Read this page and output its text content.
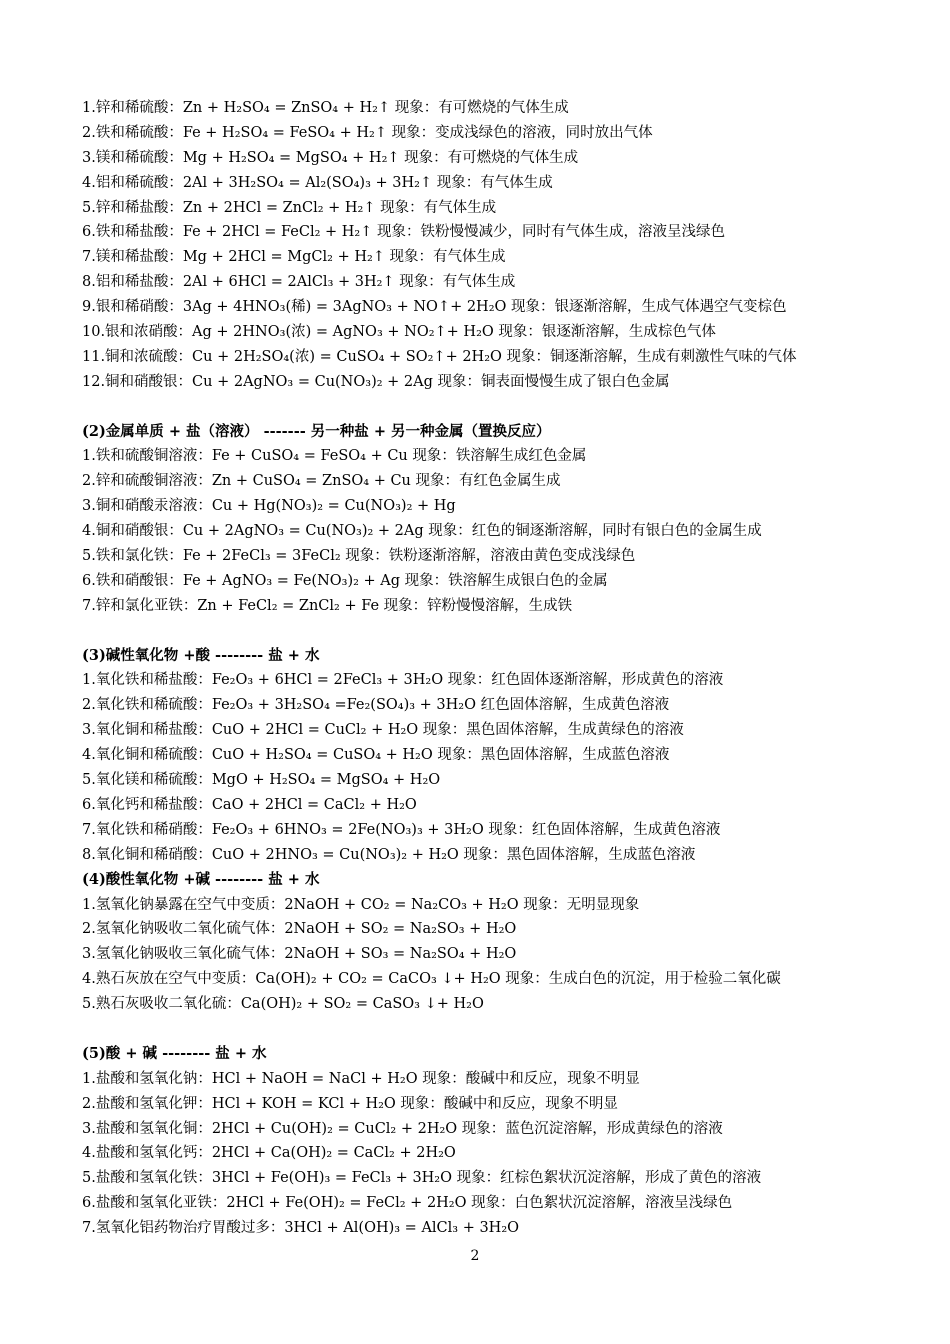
1.锌和稀硫酸：Zn + H₂SO₄ = ZnSO₄ + H₂↑ 现象：有可燃烧的气体生成
2.铁和稀硫酸：Fe + H₂SO₄ = FeSO₄ + H₂↑ 现象：变成浅绿色的溶液，同时放出气体
3.镁和稀硫酸：Mg + H₂SO₄ = MgSO₄ + H₂↑ 现象：有可燃烧的气体生成
4.铝和稀硫酸：2Al + 3H₂SO₄ = Al₂(SO₄)₃ + 3H₂↑ 现象：有气体生成
5.锌和稀盐酸：Zn + 2HCl = ZnCl₂ + H₂↑ 现象：有气体生成
6.铁和稀盐酸：Fe + 2HCl = FeCl₂ + H₂↑ 现象：铁粉慢慢减少，同时有气体生成，溶液呈浅绿色
7.镁和稀盐酸：Mg + 2HCl = MgCl₂ + H₂↑ 现象：有气体生成
8.铝和稀盐酸：2Al + 6HCl = 2AlCl₃ + 3H₂↑ 现象：有气体生成
9.银和稀硝酸：3Ag + 4HNO₃(稀) = 3AgNO₃ + NO↑+ 2H₂O 现象：银逐渐溶解，生成气体遇空气变棕色
10.银和浓硝酸：Ag + 2HNO₃(浓) = AgNO₃ + NO₂↑+ H₂O 现象：银逐渐溶解，生成棕色气体
11.铜和浓硫酸：Cu + 2H₂SO₄(浓) = CuSO₄ + SO₂↑+ 2H₂O 现象：铜逐渐溶解，生成有刺激性气味的气体
12.铜和硝酸银：Cu + 2AgNO₃ = Cu(NO₃)₂ + 2Ag 现象：铜表面慢慢生成了银白色金属
(2)金属单质 + 盐（溶液） ------- 另一种盐 + 另一种金属（置换反应）
1.铁和硫酸铜溶液：Fe + CuSO₄ = FeSO₄ + Cu 现象：铁溶解生成红色金属
2.锌和硫酸铜溶液：Zn + CuSO₄ = ZnSO₄ + Cu 现象：有红色金属生成
3.铜和硝酸汞溶液：Cu + Hg(NO₃)₂ = Cu(NO₃)₂ + Hg
4.铜和硝酸银：Cu + 2AgNO₃ = Cu(NO₃)₂ + 2Ag 现象：红色的铜逐渐溶解，同时有银白色的金属生成
5.铁和氯化铁：Fe + 2FeCl₃ = 3FeCl₂ 现象：铁粉逐渐溶解，溶液由黄色变成浅绿色
6.铁和硝酸银：Fe + AgNO₃ = Fe(NO₃)₂ + Ag 现象：铁溶解生成银白色的金属
7.锌和氯化亚铁：Zn + FeCl₂ = ZnCl₂ + Fe 现象：锌粉慢慢溶解，生成铁
(3)碱性氧化物 +酸 -------- 盐 + 水
1.氧化铁和稀盐酸：Fe₂O₃ + 6HCl = 2FeCl₃ + 3H₂O 现象：红色固体逐渐溶解，形成黄色的溶液
2.氧化铁和稀硫酸：Fe₂O₃ + 3H₂SO₄ =Fe₂(SO₄)₃ + 3H₂O 红色固体溶解，生成黄色溶液
3.氧化铜和稀盐酸：CuO + 2HCl = CuCl₂ + H₂O 现象：黑色固体溶解，生成黄绿色的溶液
4.氧化铜和稀硫酸：CuO + H₂SO₄ = CuSO₄ + H₂O 现象：黑色固体溶解，生成蓝色溶液
5.氧化镁和稀硫酸：MgO + H₂SO₄ = MgSO₄ + H₂O
6.氧化钙和稀盐酸：CaO + 2HCl = CaCl₂ + H₂O
7.氧化铁和稀硝酸：Fe₂O₃ + 6HNO₃ = 2Fe(NO₃)₃ + 3H₂O 现象：红色固体溶解，生成黄色溶液
8.氧化铜和稀硝酸：CuO + 2HNO₃ = Cu(NO₃)₂ + H₂O 现象：黑色固体溶解，生成蓝色溶液
(4)酸性氧化物 +碱 -------- 盐 + 水
1.氢氧化钠暴露在空气中变质：2NaOH + CO₂ = Na₂CO₃ + H₂O 现象：无明显现象
2.氢氧化钠吸收二氧化硫气体：2NaOH + SO₂ = Na₂SO₃ + H₂O
3.氢氧化钠吸收三氧化硫气体：2NaOH + SO₃ = Na₂SO₄ + H₂O
4.熟石灰放在空气中变质：Ca(OH)₂ + CO₂ = CaCO₃ ↓+ H₂O 现象：生成白色的沉淀，用于检验二氧化碳
5.熟石灰吸收二氧化硫：Ca(OH)₂ + SO₂ = CaSO₃ ↓+ H₂O
(5)酸 + 碱 -------- 盐 + 水
1.盐酸和氢氧化钠：HCl + NaOH = NaCl + H₂O 现象：酸碱中和反应，现象不明显
2.盐酸和氢氧化钾：HCl + KOH = KCl + H₂O 现象：酸碱中和反应，现象不明显
3.盐酸和氢氧化铜：2HCl + Cu(OH)₂ = CuCl₂ + 2H₂O 现象：蓝色沉淀溶解，形成黄绿色的溶液
4.盐酸和氢氧化钙：2HCl + Ca(OH)₂ = CaCl₂ + 2H₂O
5.盐酸和氢氧化铁：3HCl + Fe(OH)₃ = FeCl₃ + 3H₂O 现象：红棕色絮状沉淀溶解，形成了黄色的溶液
6.盐酸和氢氧化亚铁：2HCl + Fe(OH)₂ = FeCl₂ + 2H₂O 现象：白色絮状沉淀溶解，溶液呈浅绿色
7.氢氧化铝药物治疗胃酸过多：3HCl + Al(OH)₃ = AlCl₃ + 3H₂O
2
